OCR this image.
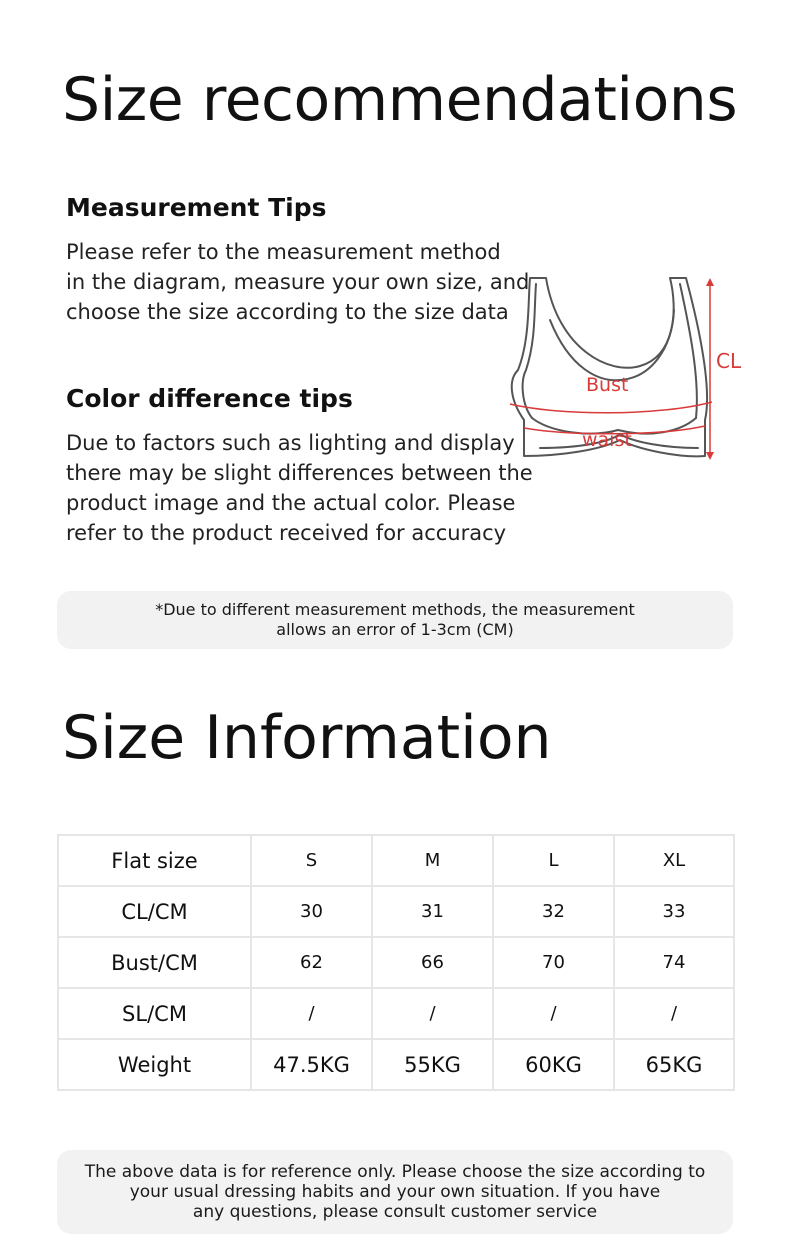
Size recommendations
Measurement Tips

Please refer to the measurement method
in the diagram, measure your own size, and
choose the size according to the size data

Color difference tips

Due to factors such as lighting and display
there may be slight differences between the
product image and the actual color. Please
refer to the product received for accuracy

CL
Bust
waist
*Due to different measurement methods, the measurement
allows an error of 1-3cm (CM)
Size Information
Flat size	S	M	L	XL
CL/CM	30	31	32	33
Bust/CM	62	66	70	74
SL/CM	/	/	/	/
Weight	47.5KG	55KG	60KG	65KG
The above data is for reference only. Please choose the size according to
your usual dressing habits and your own situation. If you have
any questions, please consult customer service
